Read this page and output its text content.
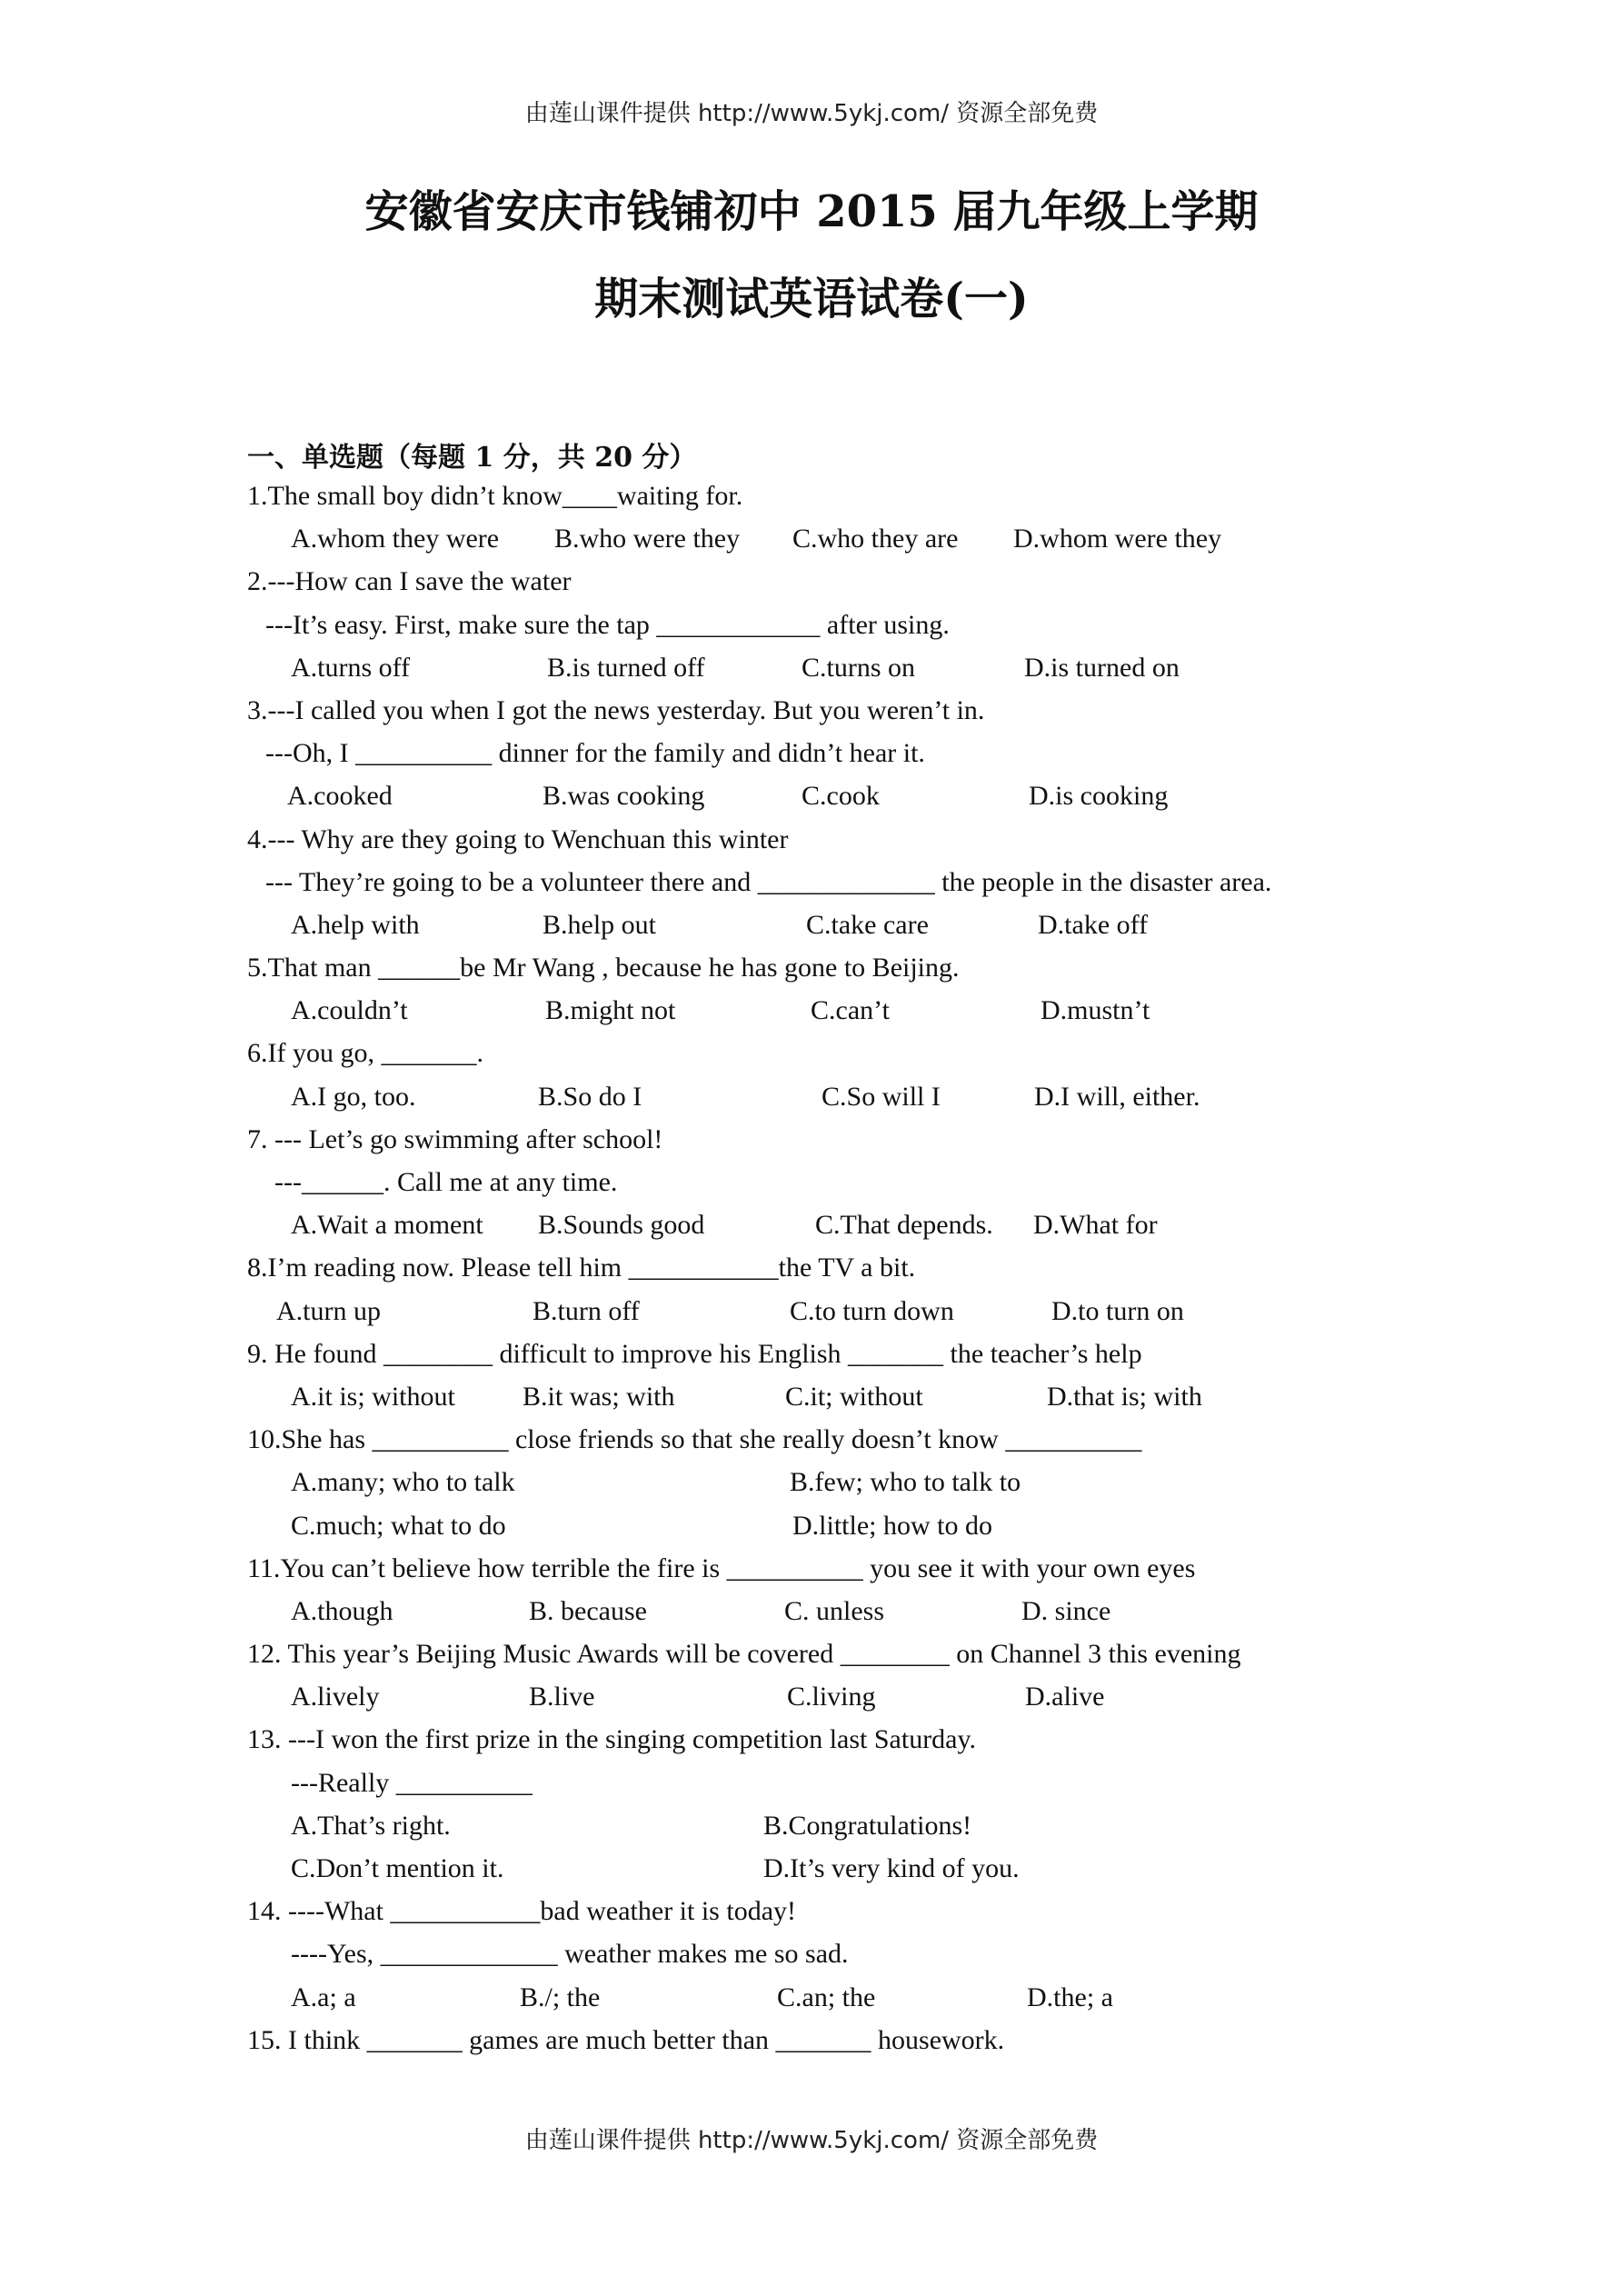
由莲山课件提供 http://www.5ykj.com/ 资源全部免费
安徽省安庆市钱铺初中 2015 届九年级上学期
期末测试英语试卷(一)
一、单选题（每题 1 分，共 20 分）
1.The small boy didn’t know____waiting for.
A.whom they were B.who were they C.who they are D.whom were they
2.---How can I save the water
---It’s easy. First, make sure the tap ____________ after using.
A.turns off	B.is turned off	C.turns on	D.is turned on
3.---I called you when I got the news yesterday. But you weren’t in.
---Oh, I __________ dinner for the family and didn’t hear it.
A.cooked	B.was cooking	C.cook	D.is cooking
4.--- Why are they going to Wenchuan this winter
--- They’re going to be a volunteer there and _____________ the people in the disaster area.
A.help with	B.help out	C.take care	D.take off
5.That man ______be Mr Wang , because he has gone to Beijing.
A.couldn’t	B.might not	C.can’t	D.mustn’t
6.If you go, _______.
A.I go, too.	B.So do I	C.So will I	D.I will, either.
7. --- Let’s go swimming after school!
---______. Call me at any time.
A.Wait a moment B.Sounds good	C.That depends. D.What for
8.I’m reading now. Please tell him ___________the TV a bit.
A.turn up	B.turn off	C.to turn down	D.to turn on
9. He found ________ difficult to improve his English _______ the teacher’s help
A.it is; without B.it was; with	C.it; without	D.that is; with
10.She has __________ close friends so that she really doesn’t know __________
A.many; who to talk	B.few; who to talk to
C.much; what to do	D.little; how to do
11.You can’t believe how terrible the fire is __________ you see it with your own eyes
A.though	B. because	C. unless	D. since
12. This year’s Beijing Music Awards will be covered ________ on Channel 3 this evening
A.lively	B.live	C.living	D.alive
13. ---I won the first prize in the singing competition last Saturday.
---Really __________
A.That’s right.	B.Congratulations!
C.Don’t mention it.	D.It’s very kind of you.
14. ----What ___________bad weather it is today!
----Yes, _____________ weather makes me so sad.
A.a; a	B./; the	C.an; the	D.the; a
15. I think _______ games are much better than _______ housework.
由莲山课件提供 http://www.5ykj.com/ 资源全部免费
